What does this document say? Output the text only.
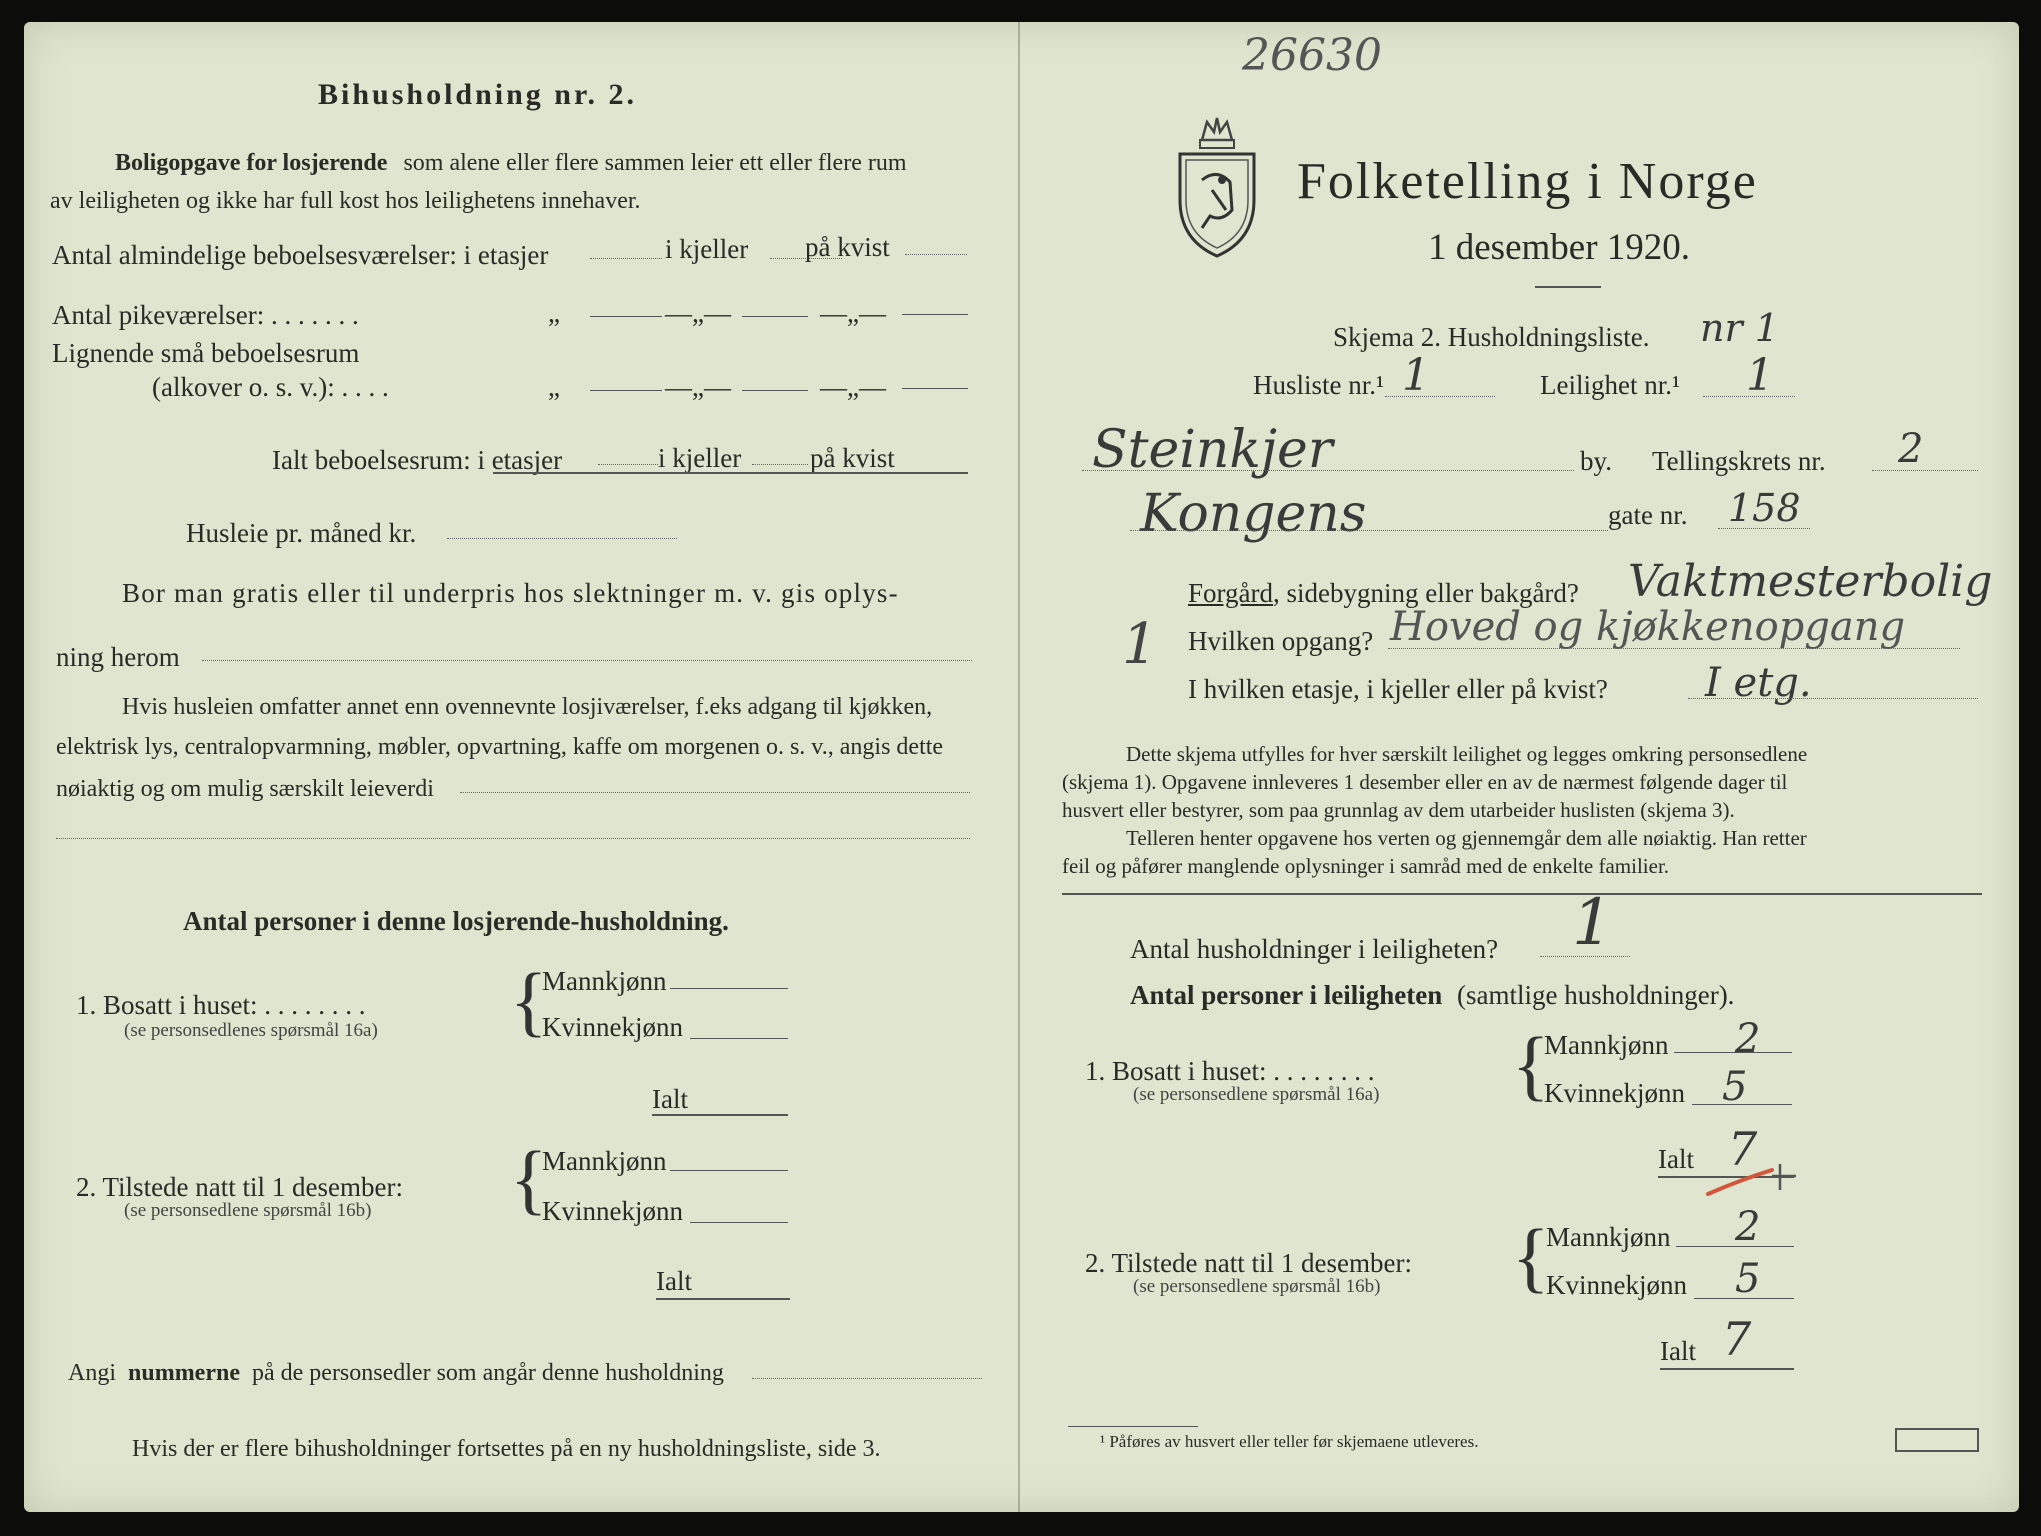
26630
Bihusholdning nr. 2.
Boligopgave for losjerende som alene eller flere sammen leier ett eller flere rum
av leiligheten og ikke har full kost hos leilighetens innehaver.
Antal almindelige beboelsesværelser: i etasjer	i kjeller på kvist
Antal pikeværelser: . . . . . . .	„	—„—	—„—
Lignende små beboelsesrum
(alkover o. s. v.): . . . .	„	—„—	—„—
Ialt beboelsesrum: i etasjer	i kjeller	på kvist
Husleie pr. måned kr.
Bor man gratis eller til underpris hos slektninger m. v. gis oplys-
ning herom
Hvis husleien omfatter annet enn ovennevnte losjiværelser, f.eks adgang til kjøkken,
elektrisk lys, centralopvarmning, møbler, opvartning, kaffe om morgenen o. s. v., angis dette
nøiaktig og om mulig særskilt leieverdi
Antal personer i denne losjerende-husholdning.
1. Bosatt i huset: . . . . . . . .
(se personsedlenes spørsmål 16a) {
Mannkjønn
Kvinnekjønn
Ialt
2. Tilstede natt til 1 desember:
(se personsedlene spørsmål 16b) {
Mannkjønn
Kvinnekjønn
Ialt
Angi nummerne på de personsedler som angår denne husholdning
Hvis der er flere bihusholdninger fortsettes på en ny husholdningsliste, side 3.
Folketelling i Norge
1 desember 1920.
Skjema 2. Husholdningsliste. nr 1
Husliste nr.¹ 1	Leilighet nr.¹ 1
Steinkjer	by. Tellingskrets nr. 2
Kongens	gate nr. 158
Forgård, sidebygning eller bakgård? Vaktmesterbolig
1 Hvilken opgang? Hoved og kjøkkenopgang
I hvilken etasje, i kjeller eller på kvist? I etg.
Dette skjema utfylles for hver særskilt leilighet og legges omkring personsedlene
(skjema 1). Opgavene innleveres 1 desember eller en av de nærmest følgende dager til
husvert eller bestyrer, som paa grunnlag av dem utarbeider huslisten (skjema 3).
Telleren henter opgavene hos verten og gjennemgår dem alle nøiaktig. Han retter
feil og påfører manglende oplysninger i samråd med de enkelte familier.
Antal husholdninger i leiligheten? 1
Antal personer i leiligheten (samtlige husholdninger).
1. Bosatt i huset: . . . . . . . .
(se personsedlene spørsmål 16a) {
Mannkjønn 2
Kvinnekjønn 5
Ialt 7
2. Tilstede natt til 1 desember:
(se personsedlene spørsmål 16b) {
Mannkjønn 2
Kvinnekjønn 5
Ialt 7
¹ Påføres av husvert eller teller før skjemaene utleveres.
